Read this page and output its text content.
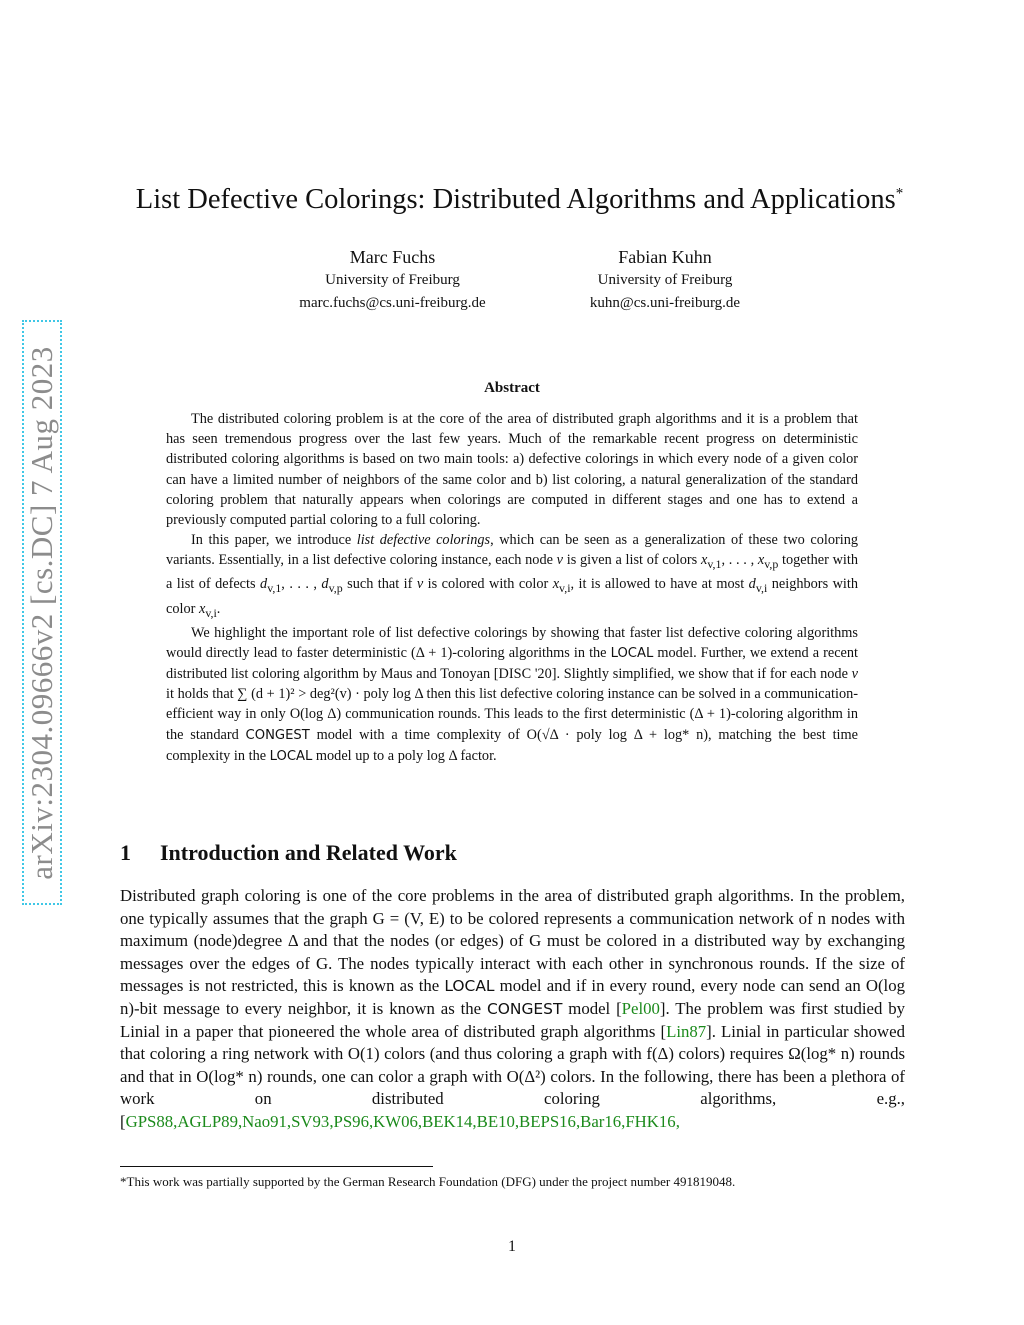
arXiv:2304.09666v2 [cs.DC] 7 Aug 2023
List Defective Colorings: Distributed Algorithms and Applications*
Marc Fuchs
University of Freiburg
marc.fuchs@cs.uni-freiburg.de
Fabian Kuhn
University of Freiburg
kuhn@cs.uni-freiburg.de
Abstract

The distributed coloring problem is at the core of the area of distributed graph algorithms and it is a problem that has seen tremendous progress over the last few years. Much of the remarkable recent progress on deterministic distributed coloring algorithms is based on two main tools: a) defective colorings in which every node of a given color can have a limited number of neighbors of the same color and b) list coloring, a natural generalization of the standard coloring problem that naturally appears when colorings are computed in different stages and one has to extend a previously computed partial coloring to a full coloring.

In this paper, we introduce list defective colorings, which can be seen as a generalization of these two coloring variants. Essentially, in a list defective coloring instance, each node v is given a list of colors $x_{v,1}$, . . . , $x_{v,p}$ together with a list of defects $d_{v,1}$, . . . , $d_{v,p}$ such that if v is colored with color $x_{v,i}$, it is allowed to have at most $d_{v,i}$ neighbors with color $x_{v,i}$.

We highlight the important role of list defective colorings by showing that faster list defective coloring algorithms would directly lead to faster deterministic (Δ + 1)-coloring algorithms in the LOCAL model. Further, we extend a recent distributed list coloring algorithm by Maus and Tonoyan [DISC '20]. Slightly simplified, we show that if for each node v it holds that ∑ (d + 1)² > deg²(v) · poly log Δ then this list defective coloring instance can be solved in a communication-efficient way in only O(log Δ) communication rounds. This leads to the first deterministic (Δ + 1)-coloring algorithm in the standard CONGEST model with a time complexity of O(√Δ · poly log Δ + log* n), matching the best time complexity in the LOCAL model up to a poly log Δ factor.

1 Introduction and Related Work

Distributed graph coloring is one of the core problems in the area of distributed graph algorithms. In the problem, one typically assumes that the graph G = (V, E) to be colored represents a communication network of n nodes with maximum (node)degree Δ and that the nodes (or edges) of G must be colored in a distributed way by exchanging messages over the edges of G. The nodes typically interact with each other in synchronous rounds. If the size of messages is not restricted, this is known as the LOCAL model and if in every round, every node can send an O(log n)-bit message to every neighbor, it is known as the CONGEST model [Pel00]. The problem was first studied by Linial in a paper that pioneered the whole area of distributed graph algorithms [Lin87]. Linial in particular showed that coloring a ring network with O(1) colors (and thus coloring a graph with f(Δ) colors) requires Ω(log* n) rounds and that in O(log* n) rounds, one can color a graph with O(Δ²) colors. In the following, there has been a plethora of work on distributed coloring algorithms, e.g., [GPS88,AGLP89,Nao91,SV93,PS96,KW06,BEK14,BE10,BEPS16,Bar16,FHK16,

*This work was partially supported by the German Research Foundation (DFG) under the project number 491819048.

1
